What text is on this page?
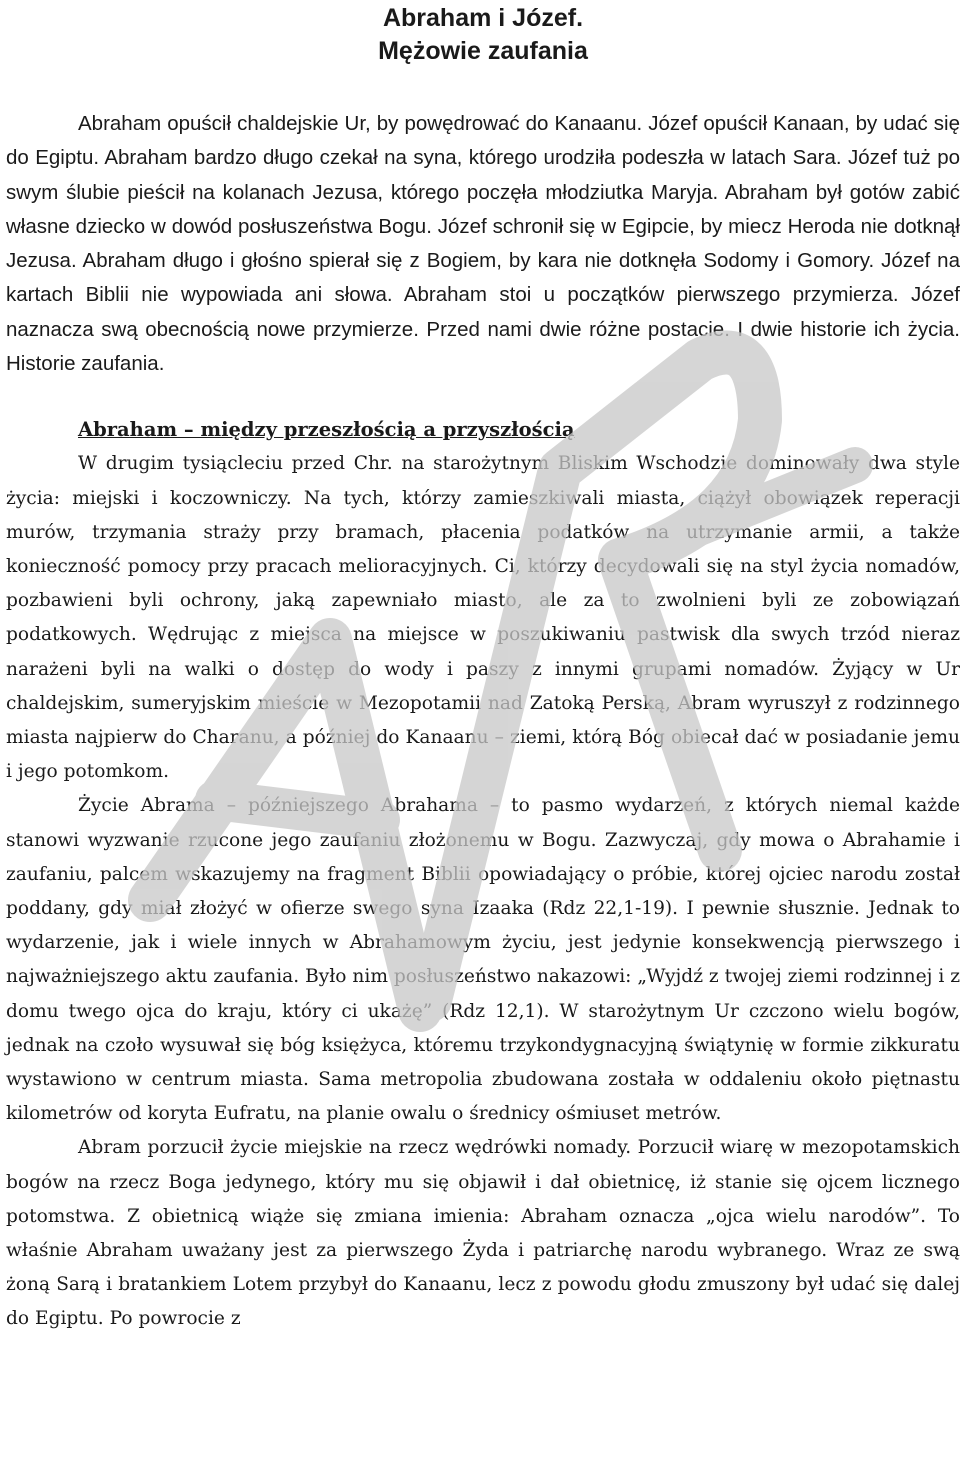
Abraham i Józef.

Mężowie zaufania

Abraham opuścił chaldejskie Ur, by powędrować do Kanaanu. Józef opuścił Kanaan, by udać się do Egiptu. Abraham bardzo długo czekał na syna, którego urodziła podeszła w latach Sara. Józef tuż po swym ślubie pieścił na kolanach Jezusa, którego poczęła młodziutka Maryja. Abraham był gotów zabić własne dziecko w dowód posłuszeństwa Bogu. Józef schronił się w Egipcie, by miecz Heroda nie dotknął Jezusa. Abraham długo i głośno spierał się z Bogiem, by kara nie dotknęła Sodomy i Gomory. Józef na kartach Biblii nie wypowiada ani słowa. Abraham stoi u początków pierwszego przymierza. Józef naznacza swą obecnością nowe przymierze. Przed nami dwie różne postacie. I dwie historie ich życia. Historie zaufania.

Abraham – między przeszłością a przyszłością

W drugim tysiącleciu przed Chr. na starożytnym Bliskim Wschodzie dominowały dwa style życia: miejski i koczowniczy. Na tych, którzy zamieszkiwali miasta, ciążył obowiązek reperacji murów, trzymania straży przy bramach, płacenia podatków na utrzymanie armii, a także konieczność pomocy przy pracach melioracyjnych. Ci, którzy decydowali się na styl życia nomadów, pozbawieni byli ochrony, jaką zapewniało miasto, ale za to zwolnieni byli ze zobowiązań podatkowych. Wędrując z miejsca na miejsce w poszukiwaniu pastwisk dla swych trzód nieraz narażeni byli na walki o dostęp do wody i paszy z innymi grupami nomadów. Żyjący w Ur chaldejskim, sumeryjskim mieście w Mezopotamii nad Zatoką Perską, Abram wyruszył z rodzinnego miasta najpierw do Charanu, a później do Kanaanu – ziemi, którą Bóg obiecał dać w posiadanie jemu i jego potomkom.

Życie Abrama – późniejszego Abrahama – to pasmo wydarzeń, z których niemal każde stanowi wyzwanie rzucone jego zaufaniu złożonemu w Bogu. Zazwyczaj, gdy mowa o Abrahamie i zaufaniu, palcem wskazujemy na fragment Biblii opowiadający o próbie, której ojciec narodu został poddany, gdy miał złożyć w ofierze swego syna Izaaka (Rdz 22,1-19). I pewnie słusznie. Jednak to wydarzenie, jak i wiele innych w Abrahamowym życiu, jest jedynie konsekwencją pierwszego i najważniejszego aktu zaufania. Było nim posłuszeństwo nakazowi: „Wyjdź z twojej ziemi rodzinnej i z domu twego ojca do kraju, który ci ukażę” (Rdz 12,1). W starożytnym Ur czczono wielu bogów, jednak na czoło wysuwał się bóg księżyca, któremu trzykondygnacyjną świątynię w formie zikkuratu wystawiono w centrum miasta. Sama metropolia zbudowana została w oddaleniu około piętnastu kilometrów od koryta Eufratu, na planie owalu o średnicy ośmiuset metrów.

Abram porzucił życie miejskie na rzecz wędrówki nomady. Porzucił wiarę w mezopotamskich bogów na rzecz Boga jedynego, który mu się objawił i dał obietnicę, iż stanie się ojcem licznego potomstwa. Z obietnicą wiąże się zmiana imienia: Abraham oznacza „ojca wielu narodów”. To właśnie Abraham uważany jest za pierwszego Żyda i patriarchę narodu wybranego. Wraz ze swą żoną Sarą i bratankiem Lotem przybył do Kanaanu, lecz z powodu głodu zmuszony był udać się dalej do Egiptu. Po powrocie z
